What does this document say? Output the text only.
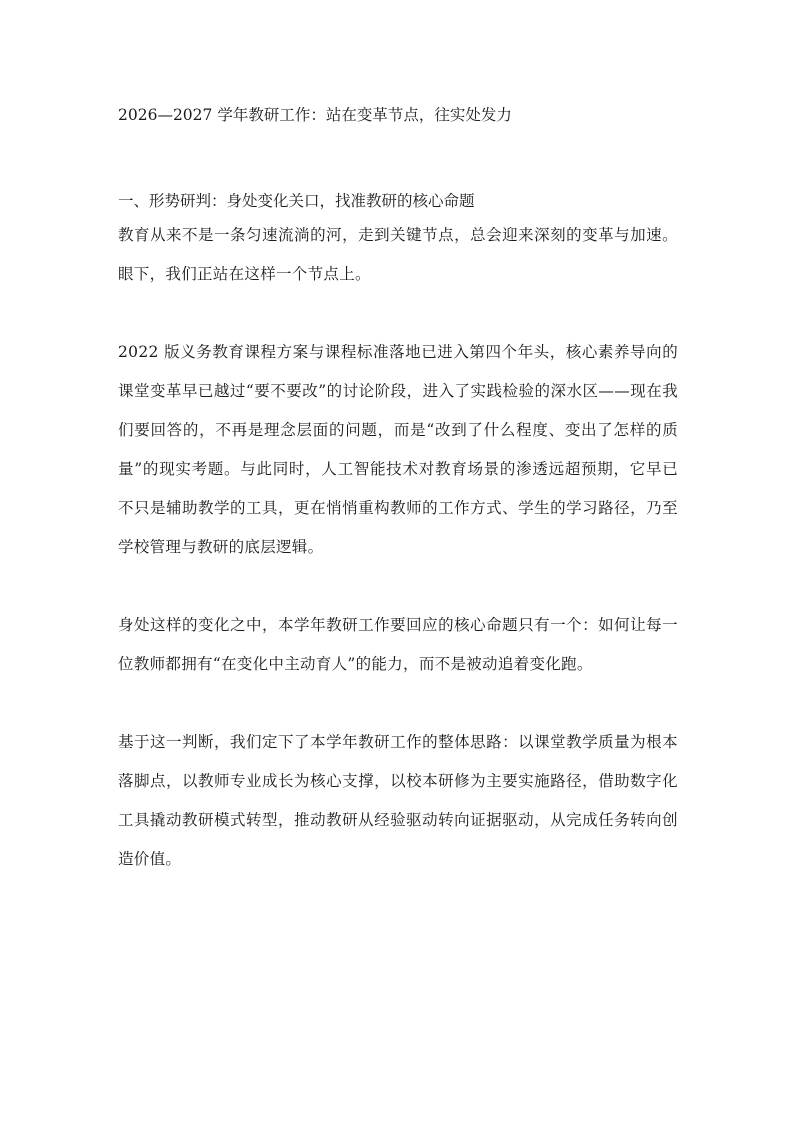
2026—2027 学年教研工作：站在变革节点，往实处发力
一、形势研判：身处变化关口，找准教研的核心命题

教育从来不是一条匀速流淌的河，走到关键节点，总会迎来深刻的变革与加速。眼下，我们正站在这样一个节点上。

2022 版义务教育课程方案与课程标准落地已进入第四个年头，核心素养导向的课堂变革早已越过“要不要改”的讨论阶段，进入了实践检验的深水区——现在我们要回答的，不再是理念层面的问题，而是“改到了什么程度、变出了怎样的质量”的现实考题。与此同时，人工智能技术对教育场景的渗透远超预期，它早已不只是辅助教学的工具，更在悄悄重构教师的工作方式、学生的学习路径，乃至学校管理与教研的底层逻辑。

身处这样的变化之中，本学年教研工作要回应的核心命题只有一个：如何让每一位教师都拥有“在变化中主动育人”的能力，而不是被动追着变化跑。

基于这一判断，我们定下了本学年教研工作的整体思路：以课堂教学质量为根本落脚点，以教师专业成长为核心支撑，以校本研修为主要实施路径，借助数字化工具撬动教研模式转型，推动教研从经验驱动转向证据驱动，从完成任务转向创造价值。
